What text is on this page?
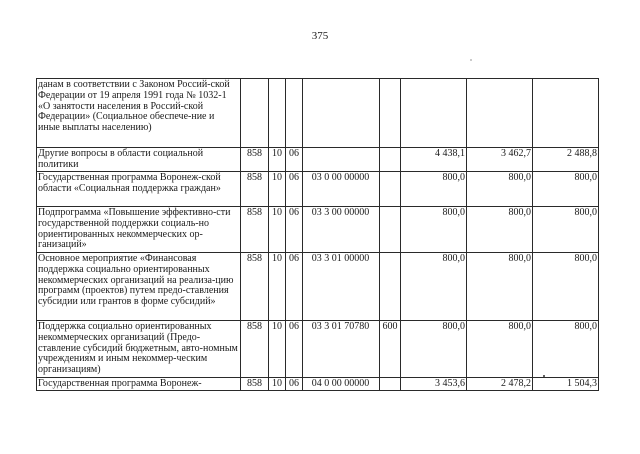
375
данам в соответствии с Законом Россий-ской Федерации от 19 апреля 1991 года № 1032-1 «О занятости населения в Россий-ской Федерации» (Социальное обеспече-ние и иные выплаты населению)								
Другие вопросы в области социальной политики	858	10	06			4 438,1	3 462,7	2 488,8
Государственная программа Воронеж-ской области «Социальная поддержка граждан»	858	10	06	03 0 00 00000		800,0	800,0	800,0
Подпрограмма «Повышение эффективно-сти государственной поддержки социаль-но ориентированных некоммерческих ор-ганизаций»	858	10	06	03 3 00 00000		800,0	800,0	800,0
Основное мероприятие «Финансовая поддержка социально ориентированных некоммерческих организаций на реализа-цию программ (проектов) путем предо-ставления субсидии или грантов в форме субсидий»	858	10	06	03 3 01 00000		800,0	800,0	800,0
Поддержка социально ориентированных некоммерческих организаций (Предо-ставление субсидий бюджетным, авто-номным учреждениям и иным некоммер-ческим организациям)	858	10	06	03 3 01 70780	600	800,0	800,0	800,0
Государственная программа Воронеж-	858	10	06	04 0 00 00000		3 453,6	2 478,2	1 504,3
